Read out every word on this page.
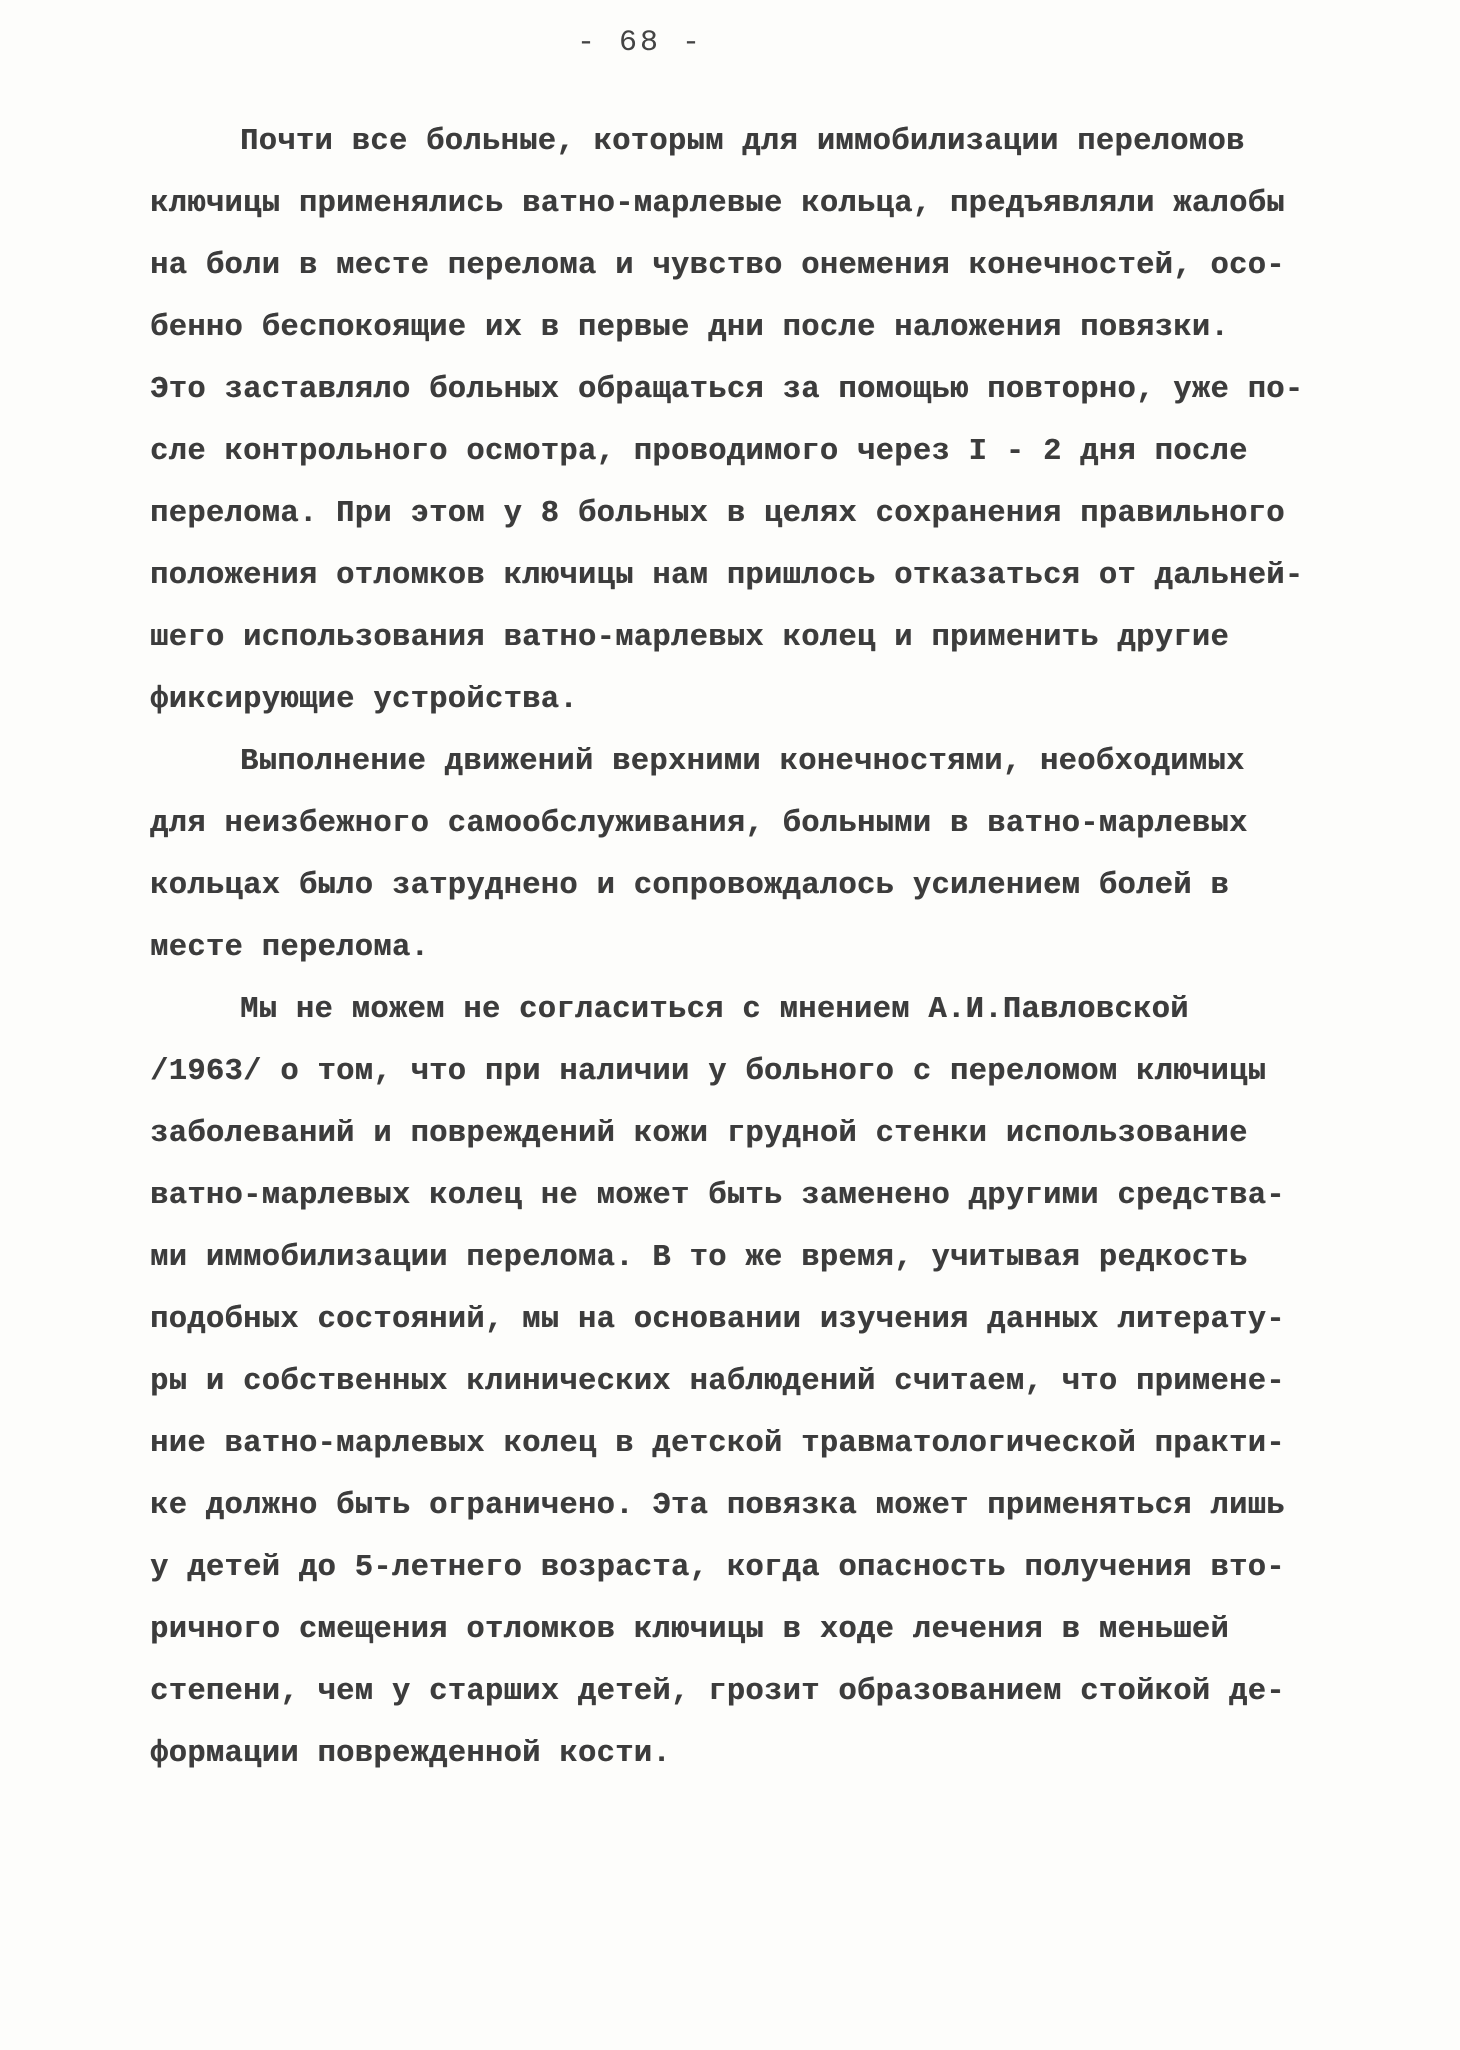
- 68 -
Почти все больные, которым для иммобилизации переломов
ключицы применялись ватно-марлевые кольца, предъявляли жалобы
на боли в месте перелома и чувство онемения конечностей, осо-
бенно беспокоящие их в первые дни после наложения повязки.
Это заставляло больных обращаться за помощью повторно, уже по-
сле контрольного осмотра, проводимого через I - 2 дня после
перелома. При этом у 8 больных в целях сохранения правильного
положения отломков ключицы нам пришлось отказаться от дальней-
шего использования ватно-марлевых колец и применить другие
фиксирующие устройства.
Выполнение движений верхними конечностями, необходимых
для неизбежного самообслуживания, больными в ватно-марлевых
кольцах было затруднено и сопровождалось усилением болей в
месте перелома.
Мы не можем не согласиться с мнением А.И.Павловской
/1963/ о том, что при наличии у больного с переломом ключицы
заболеваний и повреждений кожи грудной стенки использование
ватно-марлевых колец не может быть заменено другими средства-
ми иммобилизации перелома. В то же время, учитывая редкость
подобных состояний, мы на основании изучения данных литерату-
ры и собственных клинических наблюдений считаем, что примене-
ние ватно-марлевых колец в детской травматологической практи-
ке должно быть ограничено. Эта повязка может применяться лишь
у детей до 5-летнего возраста, когда опасность получения вто-
ричного смещения отломков ключицы в ходе лечения в меньшей
степени, чем у старших детей, грозит образованием стойкой де-
формации поврежденной кости.
